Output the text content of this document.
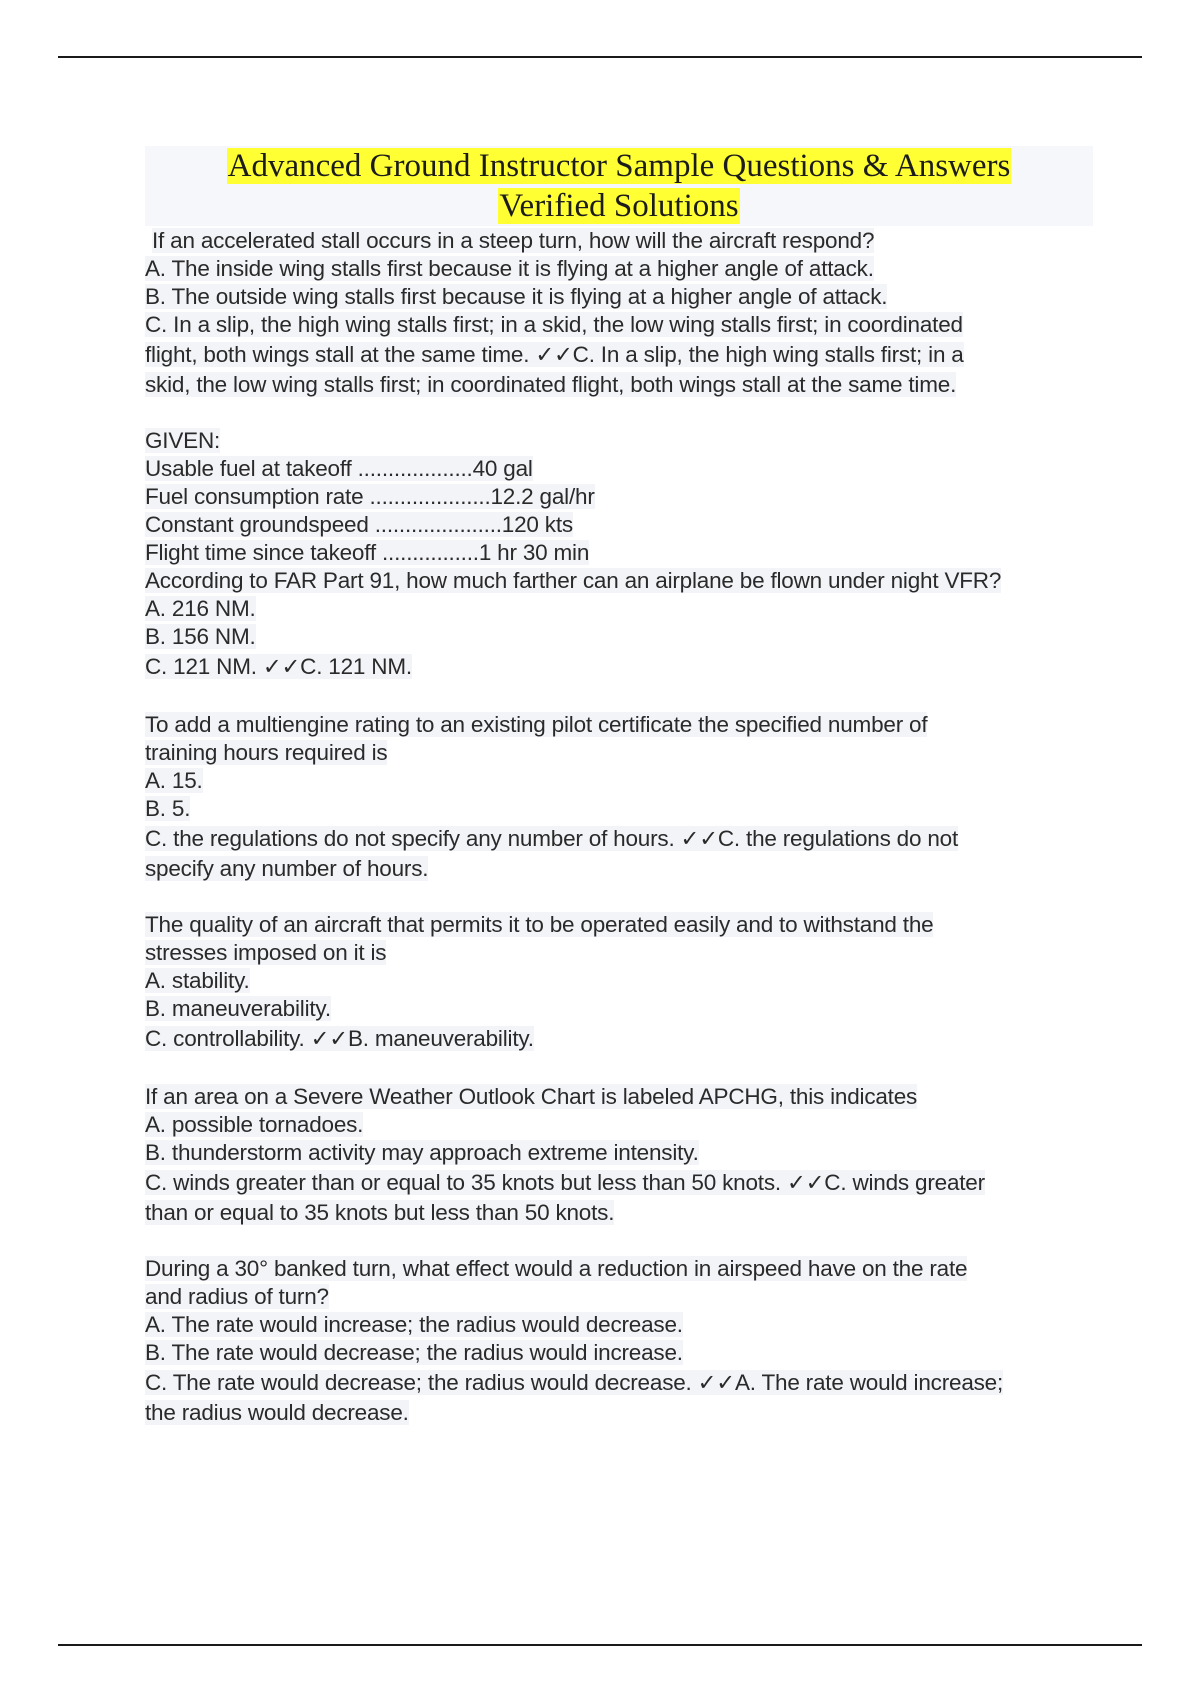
Advanced Ground Instructor Sample Questions & Answers
Verified Solutions
If an accelerated stall occurs in a steep turn, how will the aircraft respond?
A. The inside wing stalls first because it is flying at a higher angle of attack.
B. The outside wing stalls first because it is flying at a higher angle of attack.
C. In a slip, the high wing stalls first; in a skid, the low wing stalls first; in coordinated
flight, both wings stall at the same time. ✓✓C. In a slip, the high wing stalls first; in a
skid, the low wing stalls first; in coordinated flight, both wings stall at the same time.
GIVEN:
Usable fuel at takeoff ...................40 gal
Fuel consumption rate ....................12.2 gal/hr
Constant groundspeed .....................120 kts
Flight time since takeoff ................1 hr 30 min
According to FAR Part 91, how much farther can an airplane be flown under night VFR?
A. 216 NM.
B. 156 NM.
C. 121 NM. ✓✓C. 121 NM.
To add a multiengine rating to an existing pilot certificate the specified number of
training hours required is
A. 15.
B. 5.
C. the regulations do not specify any number of hours. ✓✓C. the regulations do not
specify any number of hours.
The quality of an aircraft that permits it to be operated easily and to withstand the
stresses imposed on it is
A. stability.
B. maneuverability.
C. controllability. ✓✓B. maneuverability.
If an area on a Severe Weather Outlook Chart is labeled APCHG, this indicates
A. possible tornadoes.
B. thunderstorm activity may approach extreme intensity.
C. winds greater than or equal to 35 knots but less than 50 knots. ✓✓C. winds greater
than or equal to 35 knots but less than 50 knots.
During a 30° banked turn, what effect would a reduction in airspeed have on the rate
and radius of turn?
A. The rate would increase; the radius would decrease.
B. The rate would decrease; the radius would increase.
C. The rate would decrease; the radius would decrease. ✓✓A. The rate would increase;
the radius would decrease.
